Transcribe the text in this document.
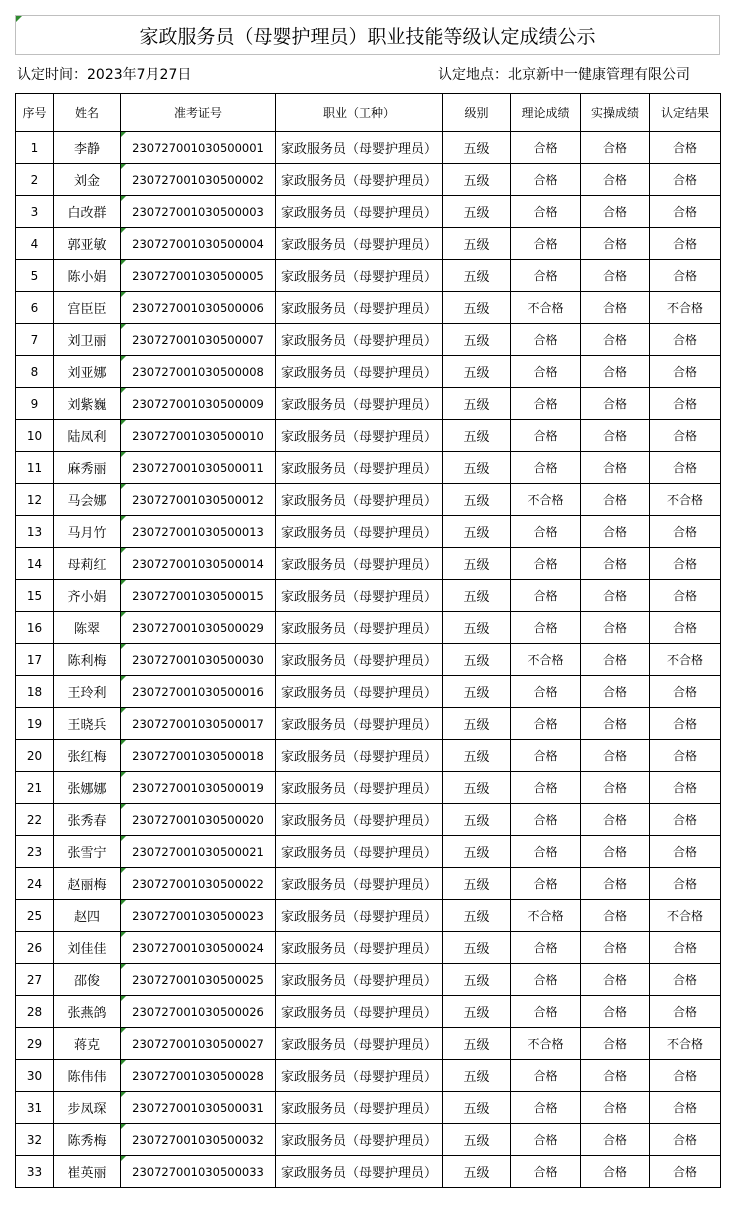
家政服务员（母婴护理员）职业技能等级认定成绩公示
认定时间：2023年7月27日	认定地点：北京新中一健康管理有限公司
序号	姓名	准考证号	职业（工种）	级别	理论成绩	实操成绩	认定结果
1	李静	230727001030500001	家政服务员（母婴护理员）	五级	合格	合格	合格
2	刘金	230727001030500002	家政服务员（母婴护理员）	五级	合格	合格	合格
3	白改群	230727001030500003	家政服务员（母婴护理员）	五级	合格	合格	合格
4	郭亚敏	230727001030500004	家政服务员（母婴护理员）	五级	合格	合格	合格
5	陈小娟	230727001030500005	家政服务员（母婴护理员）	五级	合格	合格	合格
6	宫臣臣	230727001030500006	家政服务员（母婴护理员）	五级	不合格	合格	不合格
7	刘卫丽	230727001030500007	家政服务员（母婴护理员）	五级	合格	合格	合格
8	刘亚娜	230727001030500008	家政服务员（母婴护理员）	五级	合格	合格	合格
9	刘紫巍	230727001030500009	家政服务员（母婴护理员）	五级	合格	合格	合格
10	陆凤利	230727001030500010	家政服务员（母婴护理员）	五级	合格	合格	合格
11	麻秀丽	230727001030500011	家政服务员（母婴护理员）	五级	合格	合格	合格
12	马会娜	230727001030500012	家政服务员（母婴护理员）	五级	不合格	合格	不合格
13	马月竹	230727001030500013	家政服务员（母婴护理员）	五级	合格	合格	合格
14	母莉红	230727001030500014	家政服务员（母婴护理员）	五级	合格	合格	合格
15	齐小娟	230727001030500015	家政服务员（母婴护理员）	五级	合格	合格	合格
16	陈翠	230727001030500029	家政服务员（母婴护理员）	五级	合格	合格	合格
17	陈利梅	230727001030500030	家政服务员（母婴护理员）	五级	不合格	合格	不合格
18	王玲利	230727001030500016	家政服务员（母婴护理员）	五级	合格	合格	合格
19	王晓兵	230727001030500017	家政服务员（母婴护理员）	五级	合格	合格	合格
20	张红梅	230727001030500018	家政服务员（母婴护理员）	五级	合格	合格	合格
21	张娜娜	230727001030500019	家政服务员（母婴护理员）	五级	合格	合格	合格
22	张秀春	230727001030500020	家政服务员（母婴护理员）	五级	合格	合格	合格
23	张雪宁	230727001030500021	家政服务员（母婴护理员）	五级	合格	合格	合格
24	赵丽梅	230727001030500022	家政服务员（母婴护理员）	五级	合格	合格	合格
25	赵四	230727001030500023	家政服务员（母婴护理员）	五级	不合格	合格	不合格
26	刘佳佳	230727001030500024	家政服务员（母婴护理员）	五级	合格	合格	合格
27	邵俊	230727001030500025	家政服务员（母婴护理员）	五级	合格	合格	合格
28	张燕鸽	230727001030500026	家政服务员（母婴护理员）	五级	合格	合格	合格
29	蒋克	230727001030500027	家政服务员（母婴护理员）	五级	不合格	合格	不合格
30	陈伟伟	230727001030500028	家政服务员（母婴护理员）	五级	合格	合格	合格
31	步凤琛	230727001030500031	家政服务员（母婴护理员）	五级	合格	合格	合格
32	陈秀梅	230727001030500032	家政服务员（母婴护理员）	五级	合格	合格	合格
33	崔英丽	230727001030500033	家政服务员（母婴护理员）	五级	合格	合格	合格
